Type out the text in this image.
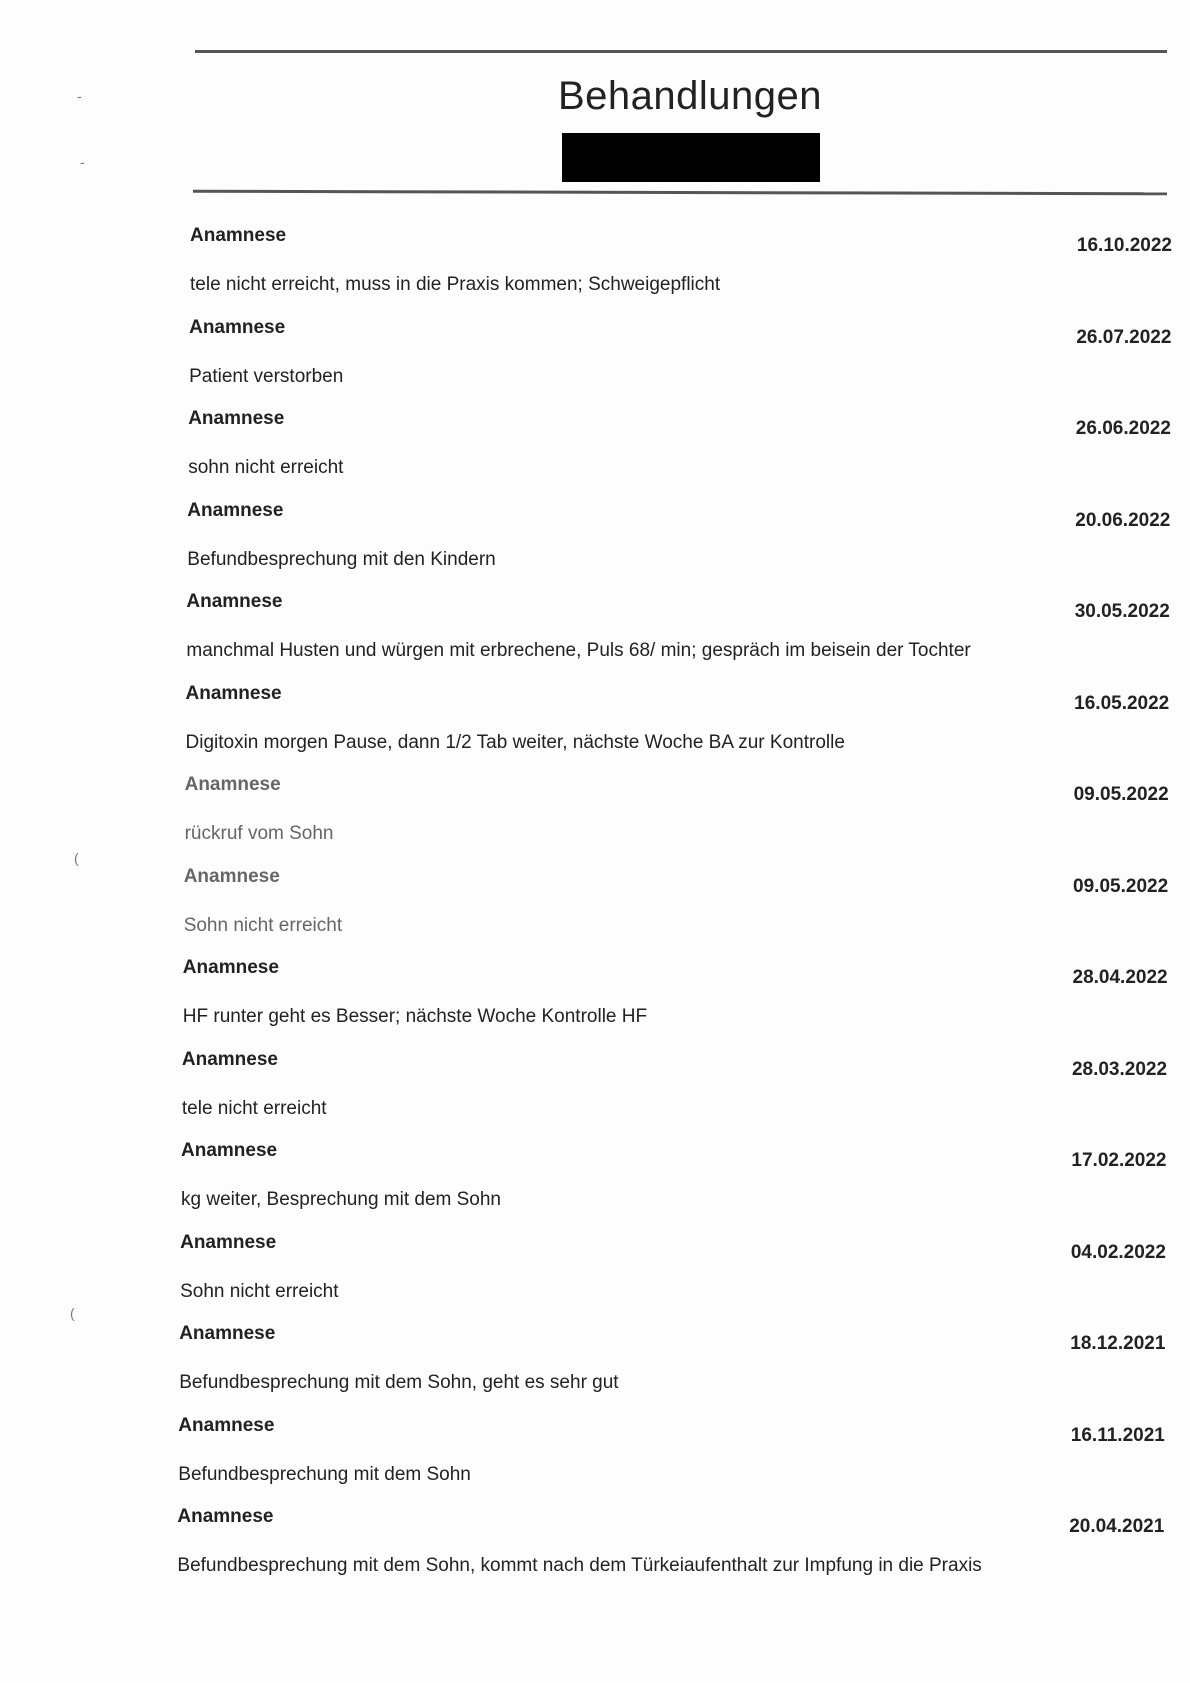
Behandlungen
-
-
(
(
Anamnese	16.10.2022
tele nicht erreicht, muss in die Praxis kommen; Schweigepflicht
Anamnese	26.07.2022
Patient verstorben
Anamnese	26.06.2022
sohn nicht erreicht
Anamnese	20.06.2022
Befundbesprechung mit den Kindern
Anamnese	30.05.2022
manchmal Husten und würgen mit erbrechene, Puls 68/ min; gespräch im beisein der Tochter
Anamnese	16.05.2022
Digitoxin morgen Pause, dann 1/2 Tab weiter, nächste Woche BA zur Kontrolle
Anamnese	09.05.2022
rückruf vom Sohn
Anamnese	09.05.2022
Sohn nicht erreicht
Anamnese	28.04.2022
HF runter geht es Besser; nächste Woche Kontrolle HF
Anamnese	28.03.2022
tele nicht erreicht
Anamnese	17.02.2022
kg weiter, Besprechung mit dem Sohn
Anamnese	04.02.2022
Sohn nicht erreicht
Anamnese	18.12.2021
Befundbesprechung mit dem Sohn, geht es sehr gut
Anamnese	16.11.2021
Befundbesprechung mit dem Sohn
Anamnese	20.04.2021
Befundbesprechung mit dem Sohn, kommt nach dem Türkeiaufenthalt zur Impfung in die Praxis
